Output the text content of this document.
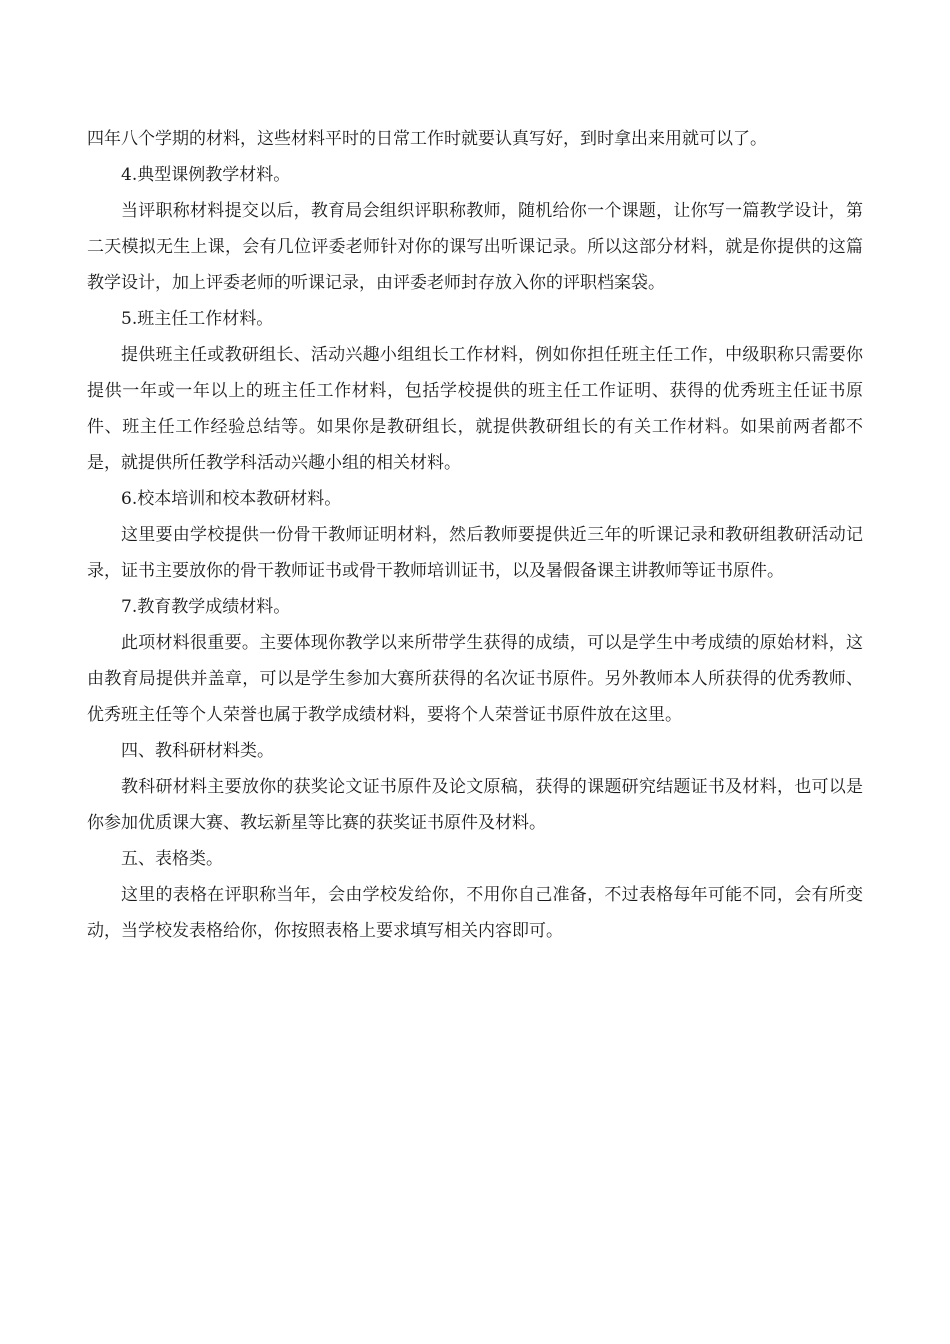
四年八个学期的材料，这些材料平时的日常工作时就要认真写好，到时拿出来用就可以了。

4.典型课例教学材料。

当评职称材料提交以后，教育局会组织评职称教师，随机给你一个课题，让你写一篇教学设计，第二天模拟无生上课，会有几位评委老师针对你的课写出听课记录。所以这部分材料，就是你提供的这篇教学设计，加上评委老师的听课记录，由评委老师封存放入你的评职档案袋。

5.班主任工作材料。

提供班主任或教研组长、活动兴趣小组组长工作材料，例如你担任班主任工作，中级职称只需要你提供一年或一年以上的班主任工作材料，包括学校提供的班主任工作证明、获得的优秀班主任证书原件、班主任工作经验总结等。如果你是教研组长，就提供教研组长的有关工作材料。如果前两者都不是，就提供所任教学科活动兴趣小组的相关材料。

6.校本培训和校本教研材料。

这里要由学校提供一份骨干教师证明材料，然后教师要提供近三年的听课记录和教研组教研活动记录，证书主要放你的骨干教师证书或骨干教师培训证书，以及暑假备课主讲教师等证书原件。

7.教育教学成绩材料。

此项材料很重要。主要体现你教学以来所带学生获得的成绩，可以是学生中考成绩的原始材料，这由教育局提供并盖章，可以是学生参加大赛所获得的名次证书原件。另外教师本人所获得的优秀教师、优秀班主任等个人荣誉也属于教学成绩材料，要将个人荣誉证书原件放在这里。

四、教科研材料类。

教科研材料主要放你的获奖论文证书原件及论文原稿，获得的课题研究结题证书及材料，也可以是你参加优质课大赛、教坛新星等比赛的获奖证书原件及材料。

五、表格类。

这里的表格在评职称当年，会由学校发给你，不用你自己准备，不过表格每年可能不同，会有所变动，当学校发表格给你，你按照表格上要求填写相关内容即可。
